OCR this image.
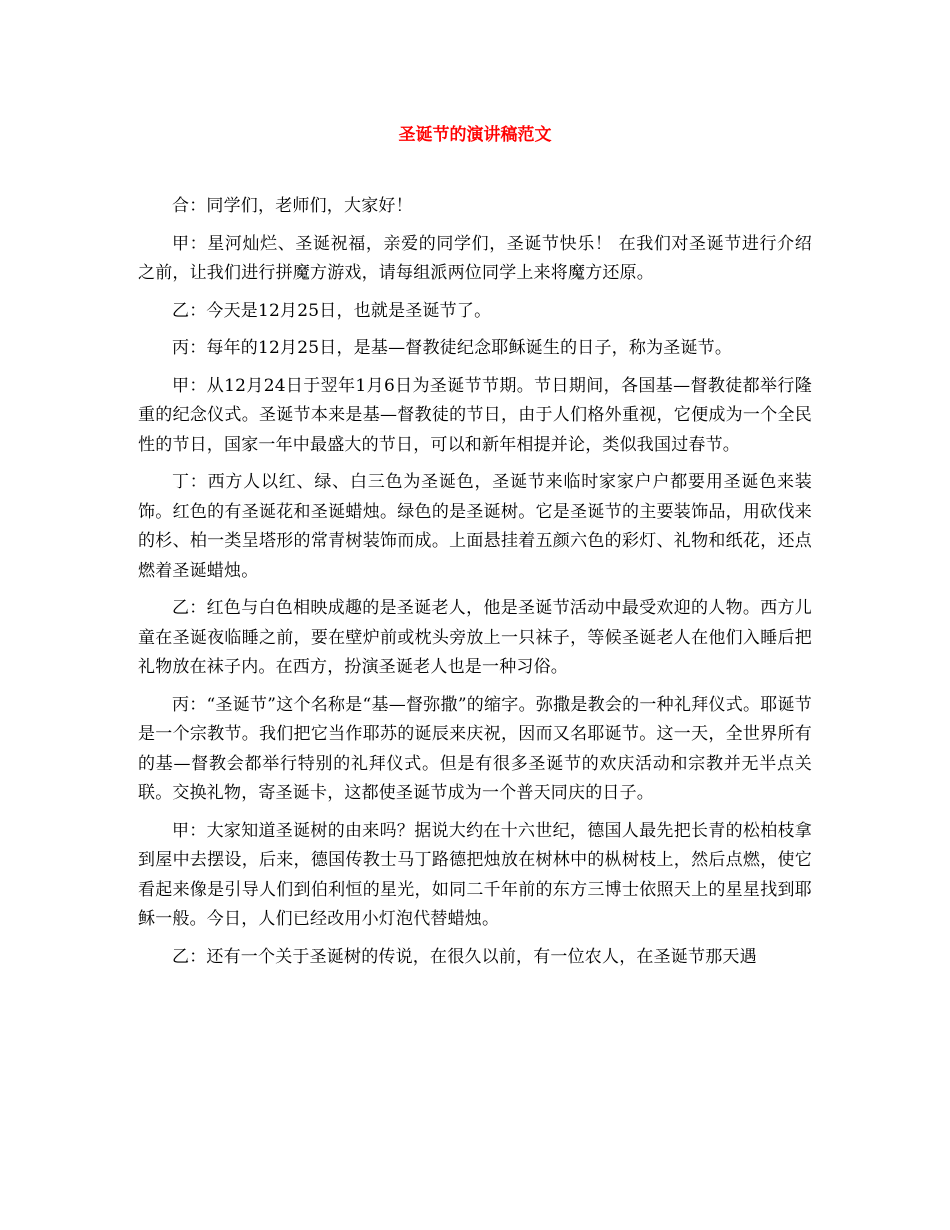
圣诞节的演讲稿范文

合：同学们，老师们，大家好！

甲：星河灿烂、圣诞祝福，亲爱的同学们，圣诞节快乐！ 在我们对圣诞节进行介绍之前，让我们进行拼魔方游戏，请每组派两位同学上来将魔方还原。

乙：今天是12月25日，也就是圣诞节了。

丙：每年的12月25日，是基—督教徒纪念耶稣诞生的日子，称为圣诞节。

甲：从12月24日于翌年1月6日为圣诞节节期。节日期间，各国基—督教徒都举行隆重的纪念仪式。圣诞节本来是基—督教徒的节日，由于人们格外重视，它便成为一个全民性的节日，国家一年中最盛大的节日，可以和新年相提并论，类似我国过春节。

丁：西方人以红、绿、白三色为圣诞色，圣诞节来临时家家户户都要用圣诞色来装饰。红色的有圣诞花和圣诞蜡烛。绿色的是圣诞树。它是圣诞节的主要装饰品，用砍伐来的杉、柏一类呈塔形的常青树装饰而成。上面悬挂着五颜六色的彩灯、礼物和纸花，还点燃着圣诞蜡烛。

乙：红色与白色相映成趣的是圣诞老人，他是圣诞节活动中最受欢迎的人物。西方儿童在圣诞夜临睡之前，要在壁炉前或枕头旁放上一只袜子，等候圣诞老人在他们入睡后把礼物放在袜子内。在西方，扮演圣诞老人也是一种习俗。

丙：“圣诞节”这个名称是“基—督弥撒”的缩字。弥撒是教会的一种礼拜仪式。耶诞节是一个宗教节。我们把它当作耶苏的诞辰来庆祝，因而又名耶诞节。这一天，全世界所有的基—督教会都举行特别的礼拜仪式。但是有很多圣诞节的欢庆活动和宗教并无半点关联。交换礼物，寄圣诞卡，这都使圣诞节成为一个普天同庆的日子。

甲：大家知道圣诞树的由来吗？据说大约在十六世纪，德国人最先把长青的松柏枝拿到屋中去摆设，后来，德国传教士马丁路德把烛放在树林中的枞树枝上，然后点燃，使它看起来像是引导人们到伯利恒的星光，如同二千年前的东方三博士依照天上的星星找到耶稣一般。今日，人们已经改用小灯泡代替蜡烛。

乙：还有一个关于圣诞树的传说，在很久以前，有一位农人，在圣诞节那天遇
